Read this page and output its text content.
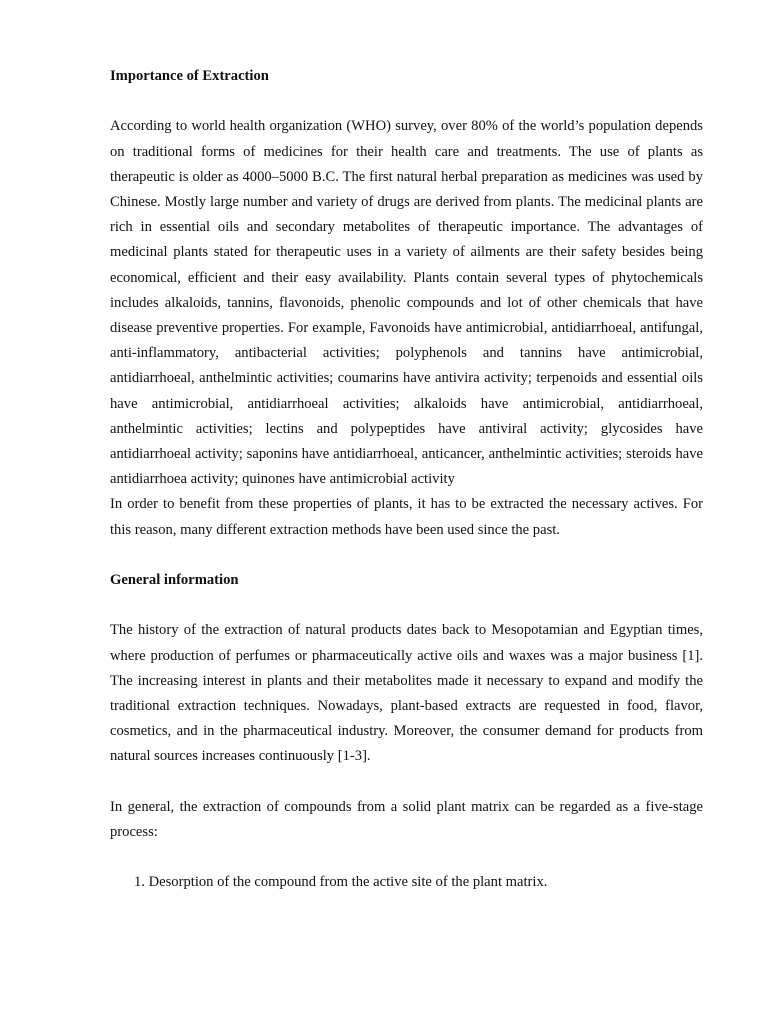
Importance of Extraction

According to world health organization (WHO) survey, over 80% of the world’s population depends on traditional forms of medicines for their health care and treatments. The use of plants as therapeutic is older as 4000–5000 B.C. The first natural herbal preparation as medicines was used by Chinese. Mostly large number and variety of drugs are derived from plants. The medicinal plants are rich in essential oils and secondary metabolites of therapeutic importance. The advantages of medicinal plants stated for therapeutic uses in a variety of ailments are their safety besides being economical, efficient and their easy availability. Plants contain several types of phytochemicals includes alkaloids, tannins, flavonoids, phenolic compounds and lot of other chemicals that have disease preventive properties. For example, Favonoids have antimicrobial, antidiarrhoeal, antifungal, anti-inflammatory, antibacterial activities; polyphenols and tannins have antimicrobial, antidiarrhoeal, anthelmintic activities; coumarins have antivira activity; terpenoids and essential oils have antimicrobial, antidiarrhoeal activities; alkaloids have antimicrobial, antidiarrhoeal, anthelmintic activities; lectins and polypeptides have antiviral activity; glycosides have antidiarrhoeal activity; saponins have antidiarrhoeal, anticancer, anthelmintic activities; steroids have antidiarrhoea activity; quinones have antimicrobial activity

In order to benefit from these properties of plants, it has to be extracted the necessary actives. For this reason, many different extraction methods have been used since the past.

General information

The history of the extraction of natural products dates back to Mesopotamian and Egyptian times, where production of perfumes or pharmaceutically active oils and waxes was a major business [1]. The increasing interest in plants and their metabolites made it necessary to expand and modify the traditional extraction techniques. Nowadays, plant-based extracts are requested in food, flavor, cosmetics, and in the pharmaceutical industry. Moreover, the consumer demand for products from natural sources increases continuously [1-3].

In general, the extraction of compounds from a solid plant matrix can be regarded as a five-stage process:

1. Desorption of the compound from the active site of the plant matrix.
